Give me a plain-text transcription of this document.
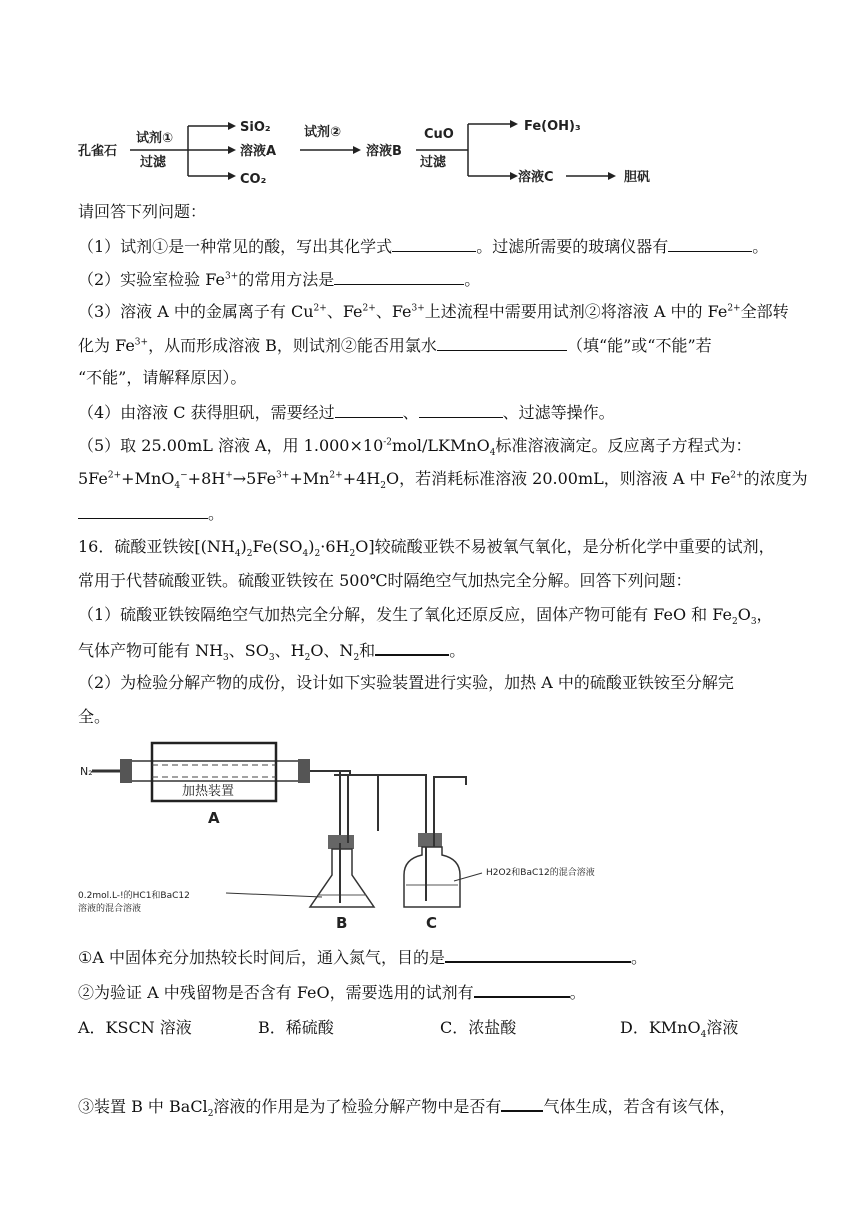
孔雀石
试剂①
过滤
SiO₂
溶液A
CO₂
试剂②
溶液B
CuO
过滤
Fe(OH)₃
溶液C	胆矾
请回答下列问题：
（1）试剂①是一种常见的酸，写出其化学式	。过滤所需要的玻璃仪器有	。
（2）实验室检验 $Fe^{3+}$的常用方法是	。
（3）溶液 A 中的金属离子有 $Cu^{2+}$、$Fe^{2+}$、$Fe^{3+}$上述流程中需要用试剂②将溶液 A 中的 $Fe^{2+}$全部转
化为 $Fe^{3+}$，从而形成溶液 B，则试剂②能否用氯水	（填“能”或“不能”若
“不能”，请解释原因）。
（4）由溶液 C 获得胆矾，需要经过	、	、过滤等操作。
（5）取 25.00mL 溶液 A，用 $1.000\times 10^{-2}mol/LKMnO_4$标准溶液滴定。反应离子方程式为：
$5Fe^{2+}+MnO_4^-+8H^+\to 5Fe^{3+}+Mn^{2+}+4H_2O$，若消耗标准溶液 20.00mL，则溶液 A 中 $Fe^{2+}$的浓度为
。
16．硫酸亚铁铵$[(NH_4)_2Fe(SO_4)_2\cdot 6H_2O]$较硫酸亚铁不易被氧气氧化，是分析化学中重要的试剂，
常用于代替硫酸亚铁。硫酸亚铁铵在 500℃时隔绝空气加热完全分解。回答下列问题：
（1）硫酸亚铁铵隔绝空气加热完全分解，发生了氧化还原反应，固体产物可能有 FeO 和 $Fe_2O_3$，
气体产物可能有 $NH_3$、$SO_3$、$H_2O$、$N_2$和	。
（2）为检验分解产物的成份，设计如下实验装置进行实验，加热 A 中的硫酸亚铁铵至分解完
全。
N₂
加热装置
A
B	C
0.2mol.L-!的HC1和BaC12
溶液的混合溶液
H2O2和BaC12的混合溶液
①A 中固体充分加热较长时间后，通入氮气，目的是	。
②为验证 A 中残留物是否含有 FeO，需要选用的试剂有	。
A．KSCN 溶液	B．稀硫酸	C．浓盐酸	D．KMnO$_4$溶液
③装置 B 中 BaCl$_2$溶液的作用是为了检验分解产物中是否有	气体生成，若含有该气体，
